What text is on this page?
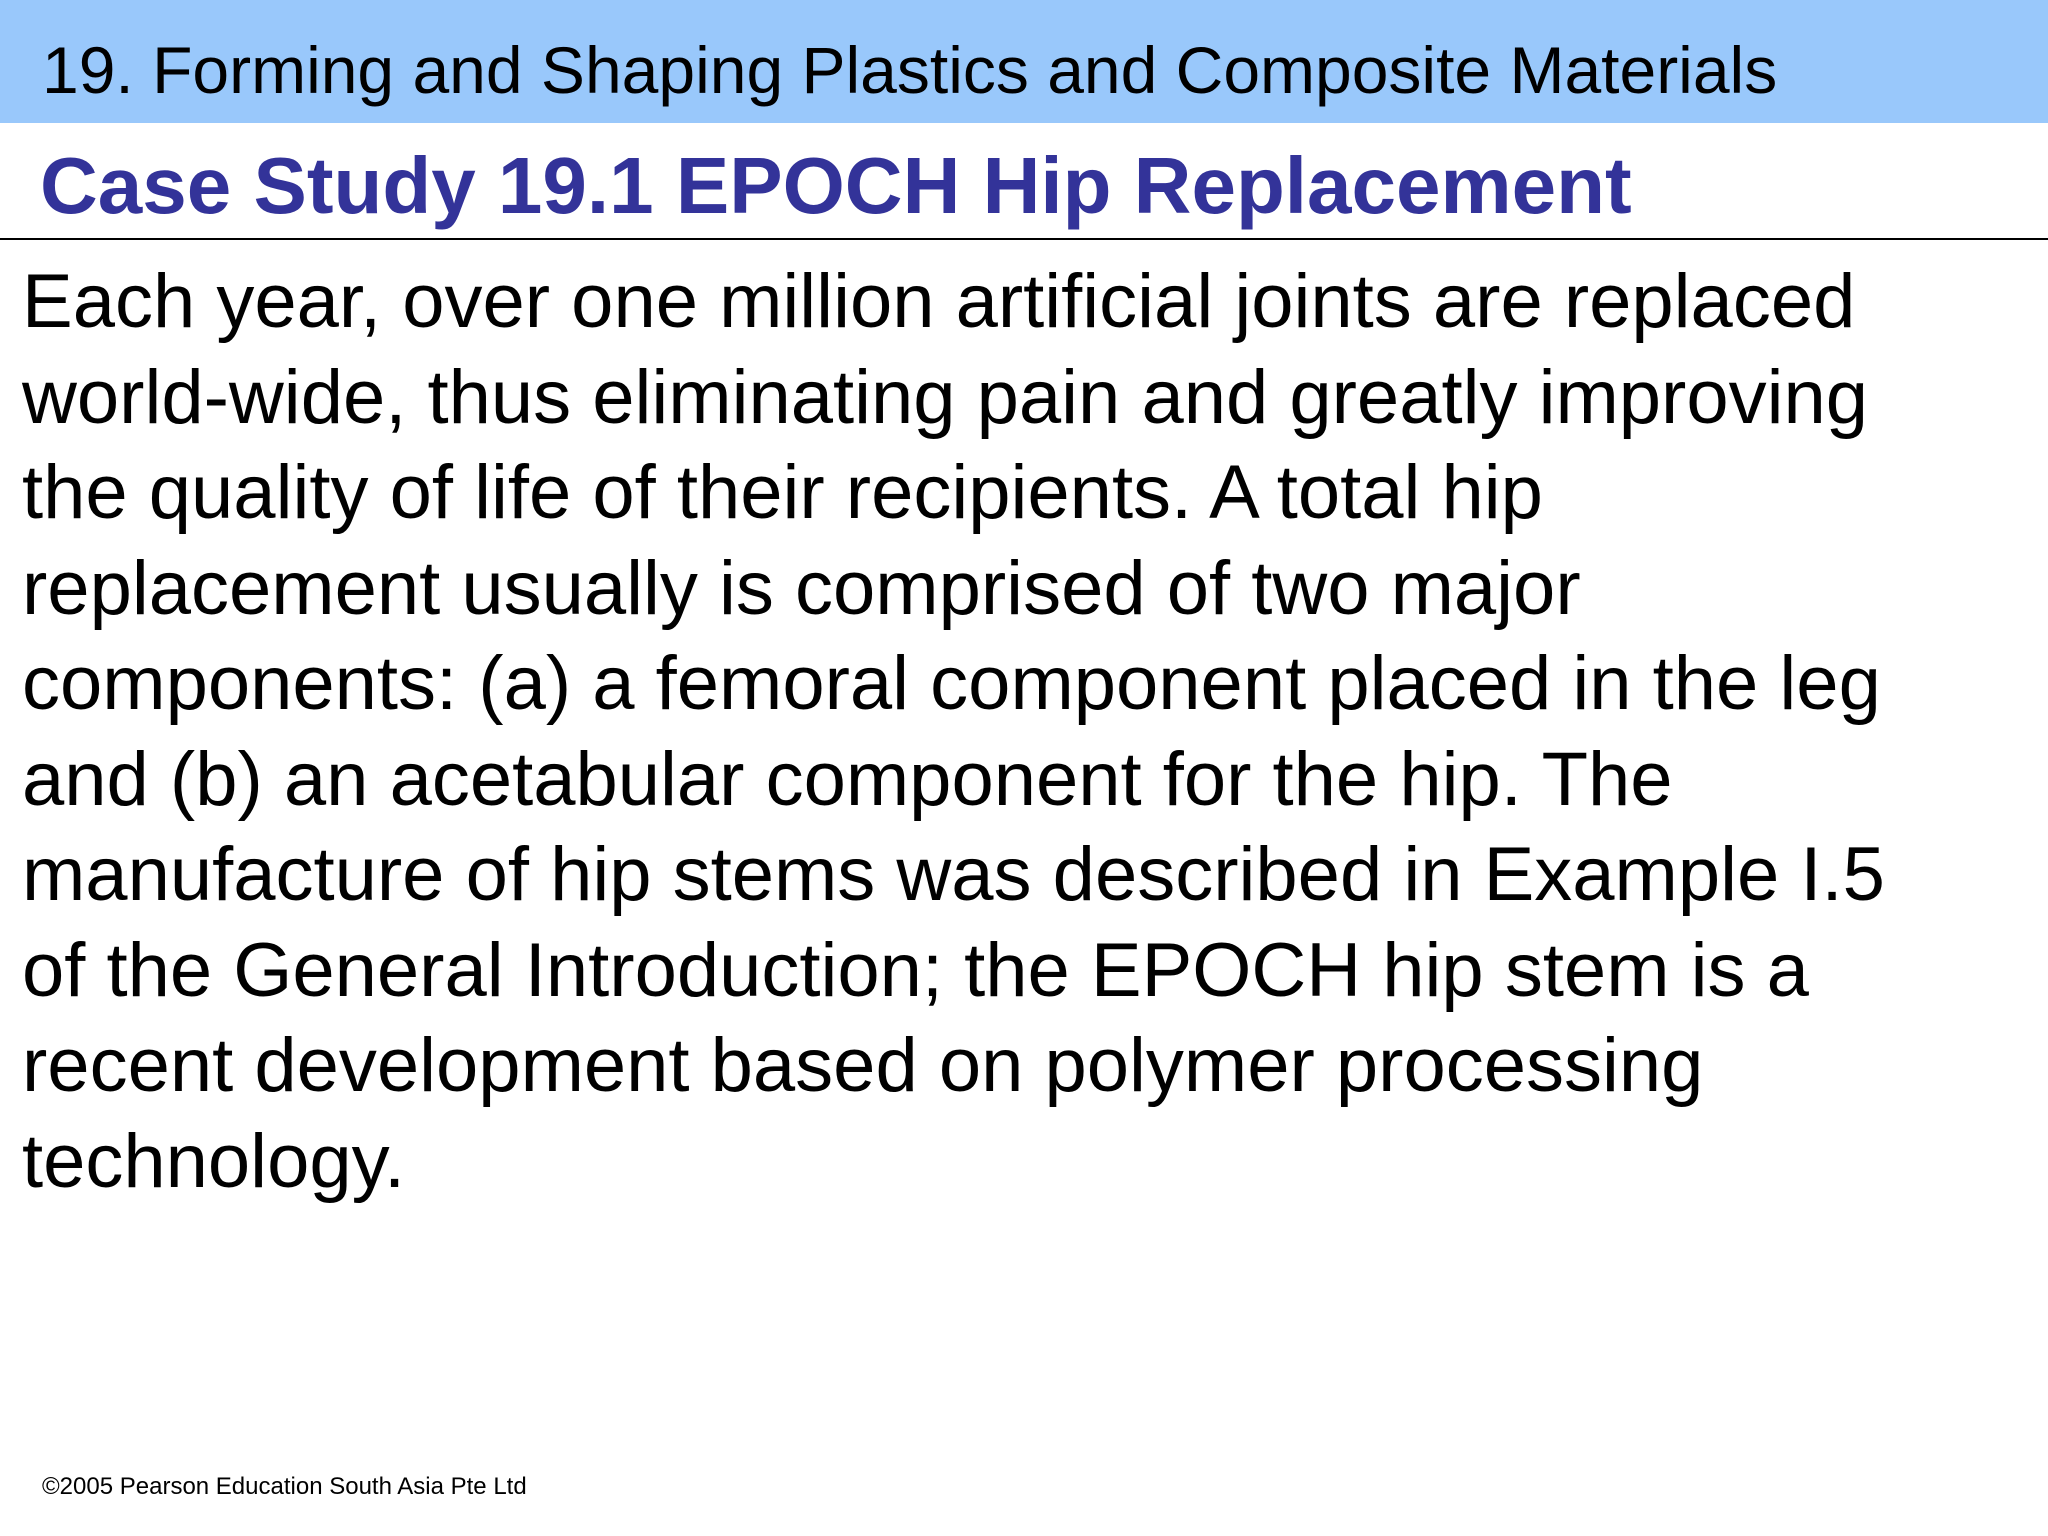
19. Forming and Shaping Plastics and Composite Materials
Case Study 19.1 EPOCH Hip Replacement

Each year, over one million artificial joints are replaced
world-wide, thus eliminating pain and greatly improving
the quality of life of their recipients. A total hip
replacement usually is comprised of two major
components: (a) a femoral component placed in the leg
and (b) an acetabular component for the hip. The
manufacture of hip stems was described in Example I.5
of the General Introduction; the EPOCH hip stem is a
recent development based on polymer processing
technology.

©2005 Pearson Education South Asia Pte Ltd
